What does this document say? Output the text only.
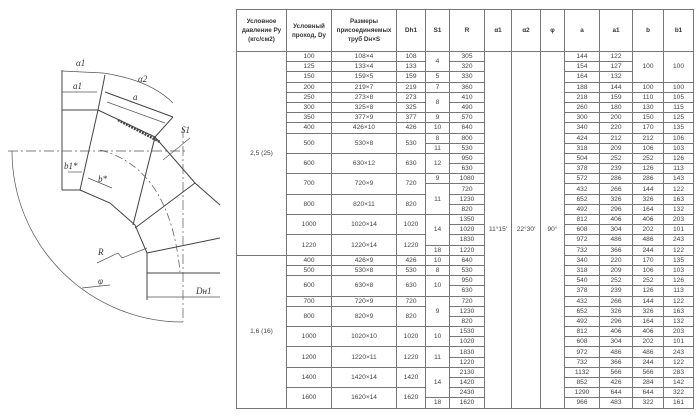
α1
α2
a1
a
S1
b1*
b*
R
φ
Dн1
Условное давление Py (кгс/см2)	Условный проход, Dy	Размеры присоединяемых труб Dн×S	Dh1	S1	R	α1	α2	φ	a	a1	b	b1
2,5 (25)	100	108×4	108	4	305	11°15'	22°30'	90°	144	122	100	100
	125	133×4	133		320				154	127		
	150	159×5	159	5	330				164	132		
	200	219×7	219	7	360				188	144	100	100
	250	273×8	273	8	410				218	159	110	105
	300	325×8	325		490				260	180	130	115
	350	377×9	377	9	570				300	200	150	125
	400	426×10	426	10	640				340	220	170	135
	500	530×8	530	8	800				424	212	212	106
				11	530				318	209	106	103
	600	630×12	630	12	950				504	252	252	126
					630				378	239	126	113
	700	720×9	720	9	1080				572	286	286	143
				11	720				432	266	144	122
	800	820×11	820		1230				652	326	326	163
					820				492	296	164	132
	1000	1020×14	1020	14	1350				812	406	406	203
					1020				608	304	202	101
	1220	1220×14	1220		1830				972	486	486	243
				18	1220				732	366	244	122
1,6 (16)	400	426×9	426	10	640				340	220	170	135
	500	530×8	530	8	530				318	209	106	103
	600	630×8	630	10	950				540	252	252	126
					630				378	239	126	113
	700	720×9	720	9	720				432	266	144	122
	800	820×9	820		1230				652	326	326	163
					820				492	296	164	132
	1000	1020×10	1020	10	1530				812	406	406	203
					1020				608	304	202	101
	1200	1220×11	1220	11	1830				972	486	486	243
					1220				732	366	244	122
	1400	1420×14	1420	14	2130				1132	566	566	283
					1420				852	426	284	142
	1600	1620×14	1620		2430				1290	644	644	322
				18	1620				966	483	322	161
